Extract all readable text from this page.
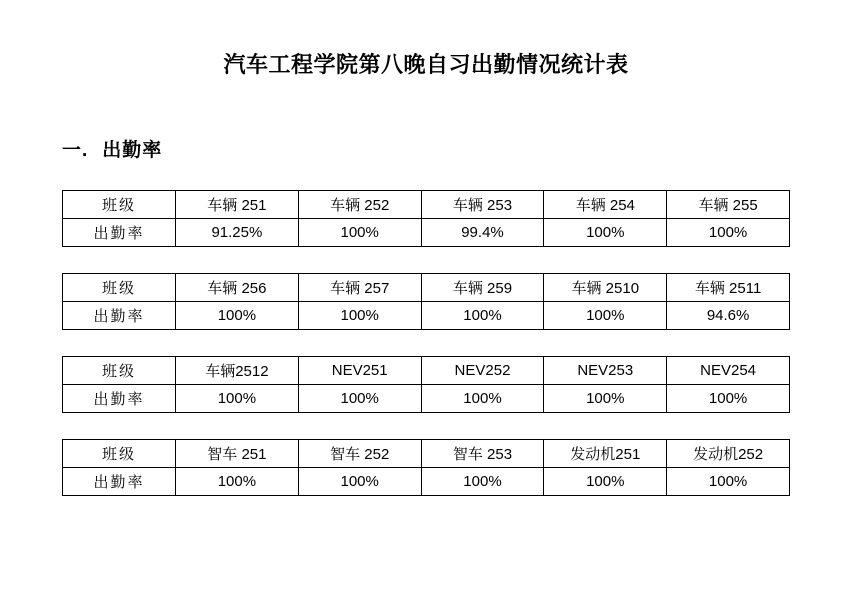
汽车工程学院第八晚自习出勤情况统计表
一. 出勤率
班级	车辆 251	车辆 252	车辆 253	车辆 254	车辆 255
出勤率	91.25%	100%	99.4%	100%	100%
班级	车辆 256	车辆 257	车辆 259	车辆 2510	车辆 2511
出勤率	100%	100%	100%	100%	94.6%
班级	车辆2512	NEV251	NEV252	NEV253	NEV254
出勤率	100%	100%	100%	100%	100%
班级	智车 251	智车 252	智车 253	发动机251	发动机252
出勤率	100%	100%	100%	100%	100%
